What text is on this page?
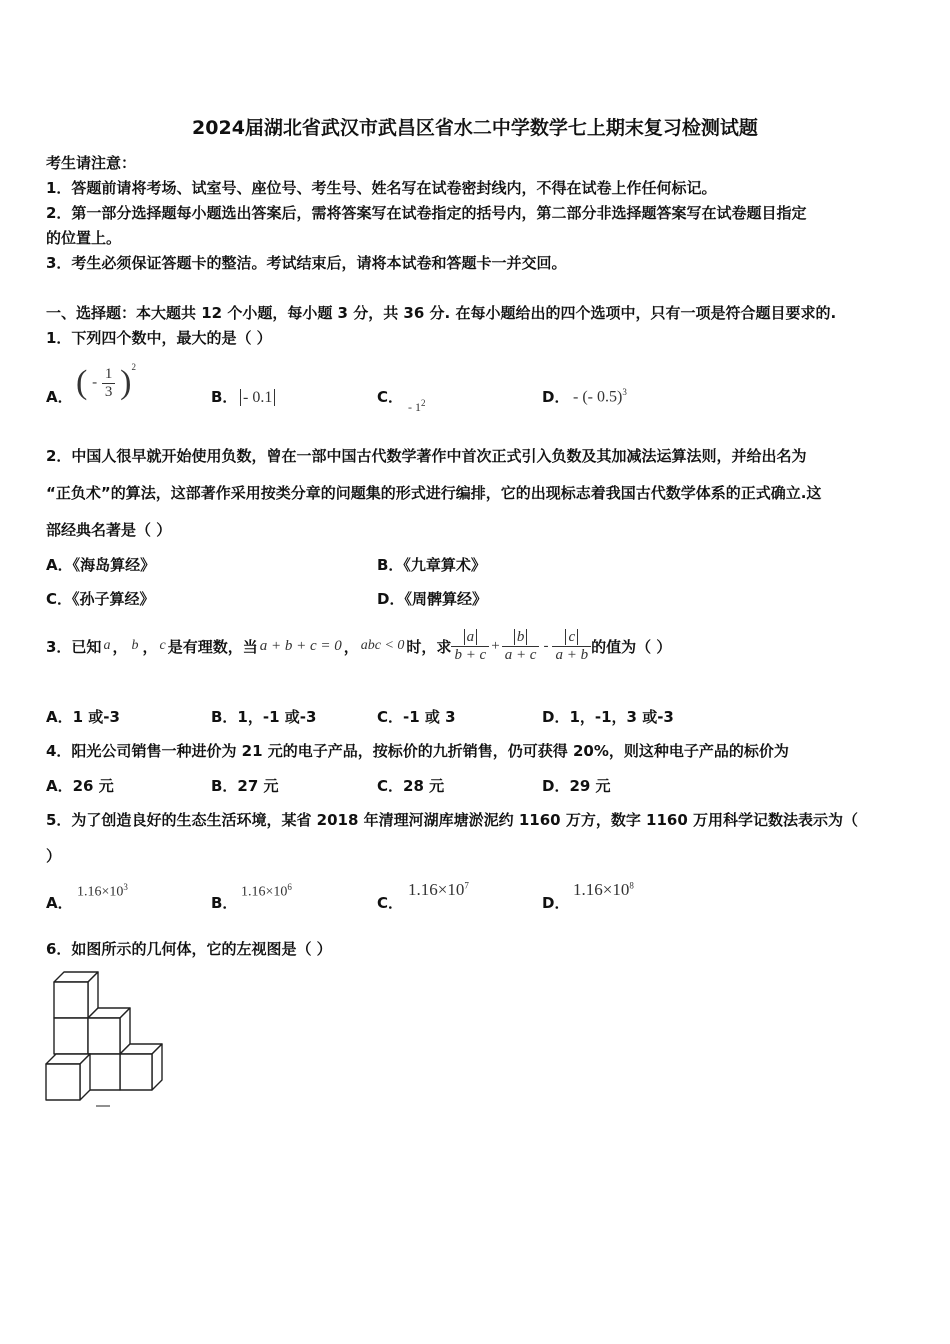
2024届湖北省武汉市武昌区省水二中学数学七上期末复习检测试题
考生请注意：
1．答题前请将考场、试室号、座位号、考生号、姓名写在试卷密封线内，不得在试卷上作任何标记。
2．第一部分选择题每小题选出答案后，需将答案写在试卷指定的括号内，第二部分非选择题答案写在试卷题目指定
的位置上。
3．考生必须保证答题卡的整洁。考试结束后，请将本试卷和答题卡一并交回。
一、选择题：本大题共 12 个小题，每小题 3 分，共 36 分. 在每小题给出的四个选项中，只有一项是符合题目要求的.
1．下列四个数中，最大的是（ ）
A． ( - $\frac{1}{3} )^2$
B． - 0.1	C．
- $1^2$	D． - (- 0.5)$^3$
2．中国人很早就开始使用负数，曾在一部中国古代数学著作中首次正式引入负数及其加减法运算法则，并给出名为
“正负术”的算法，这部著作采用按类分章的问题集的形式进行编排，它的出现标志着我国古代数学体系的正式确立.这
部经典名著是（ ）
A．《海岛算经》	B．《九章算术》
C．《孙子算经》	D．《周髀算经》
3．已知 a ， b ， c 是有理数，当 a + b + c = 0 ， abc < 0 时，求 $\frac{a}{b + c} + \frac{b}{a + c} - \frac{c}{a + b}$ 的值为（ ）
A．1 或-3	B．1，-1 或-3	C．-1 或 3	D．1，-1，3 或-3
4．阳光公司销售一种进价为 21 元的电子产品，按标价的九折销售，仍可获得 20%，则这种电子产品的标价为
A．26 元	B．27 元	C．28 元	D．29 元
5．为了创造良好的生态生活环境，某省 2018 年清理河湖库塘淤泥约 1160 万方，数字 1160 万用科学记数法表示为（
）
A．
$1.16\times 10^3$
B．
$1.16\times 10^6$
C．
$1.16\times 10^7$
D．
$1.16\times 10^8$
6．如图所示的几何体，它的左视图是（ ）
